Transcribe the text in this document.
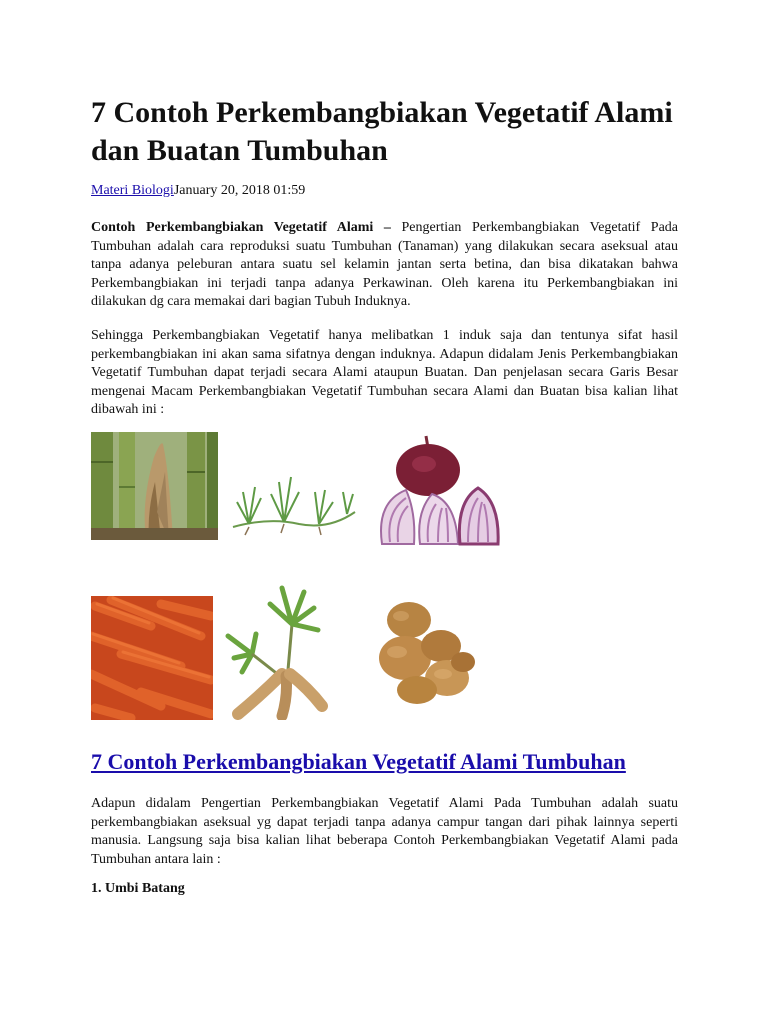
7 Contoh Perkembangbiakan Vegetatif Alami dan Buatan Tumbuhan
Materi BiologiJanuary 20, 2018 01:59

Contoh Perkembangbiakan Vegetatif Alami – Pengertian Perkembangbiakan Vegetatif Pada Tumbuhan adalah cara reproduksi suatu Tumbuhan (Tanaman) yang dilakukan secara aseksual atau tanpa adanya peleburan antara suatu sel kelamin jantan serta betina, dan bisa dikatakan bahwa Perkembangbiakan ini terjadi tanpa adanya Perkawinan. Oleh karena itu Perkembangbiakan ini dilakukan dg cara memakai dari bagian Tubuh Induknya.

Sehingga Perkembangbiakan Vegetatif hanya melibatkan 1 induk saja dan tentunya sifat hasil perkembangbiakan ini akan sama sifatnya dengan induknya. Adapun didalam Jenis Perkembangbiakan Vegetatif Tumbuhan dapat terjadi secara Alami ataupun Buatan. Dan penjelasan secara Garis Besar mengenai Macam Perkembangbiakan Vegetatif Tumbuhan secara Alami dan Buatan bisa kalian lihat dibawah ini :

7 Contoh Perkembangbiakan Vegetatif Alami Tumbuhan

Adapun didalam Pengertian Perkembangbiakan Vegetatif Alami Pada Tumbuhan adalah suatu perkembangbiakan aseksual yg dapat terjadi tanpa adanya campur tangan dari pihak lainnya seperti manusia. Langsung saja bisa kalian lihat beberapa Contoh Perkembangbiakan Vegetatif Alami pada Tumbuhan antara lain :

1. Umbi Batang
